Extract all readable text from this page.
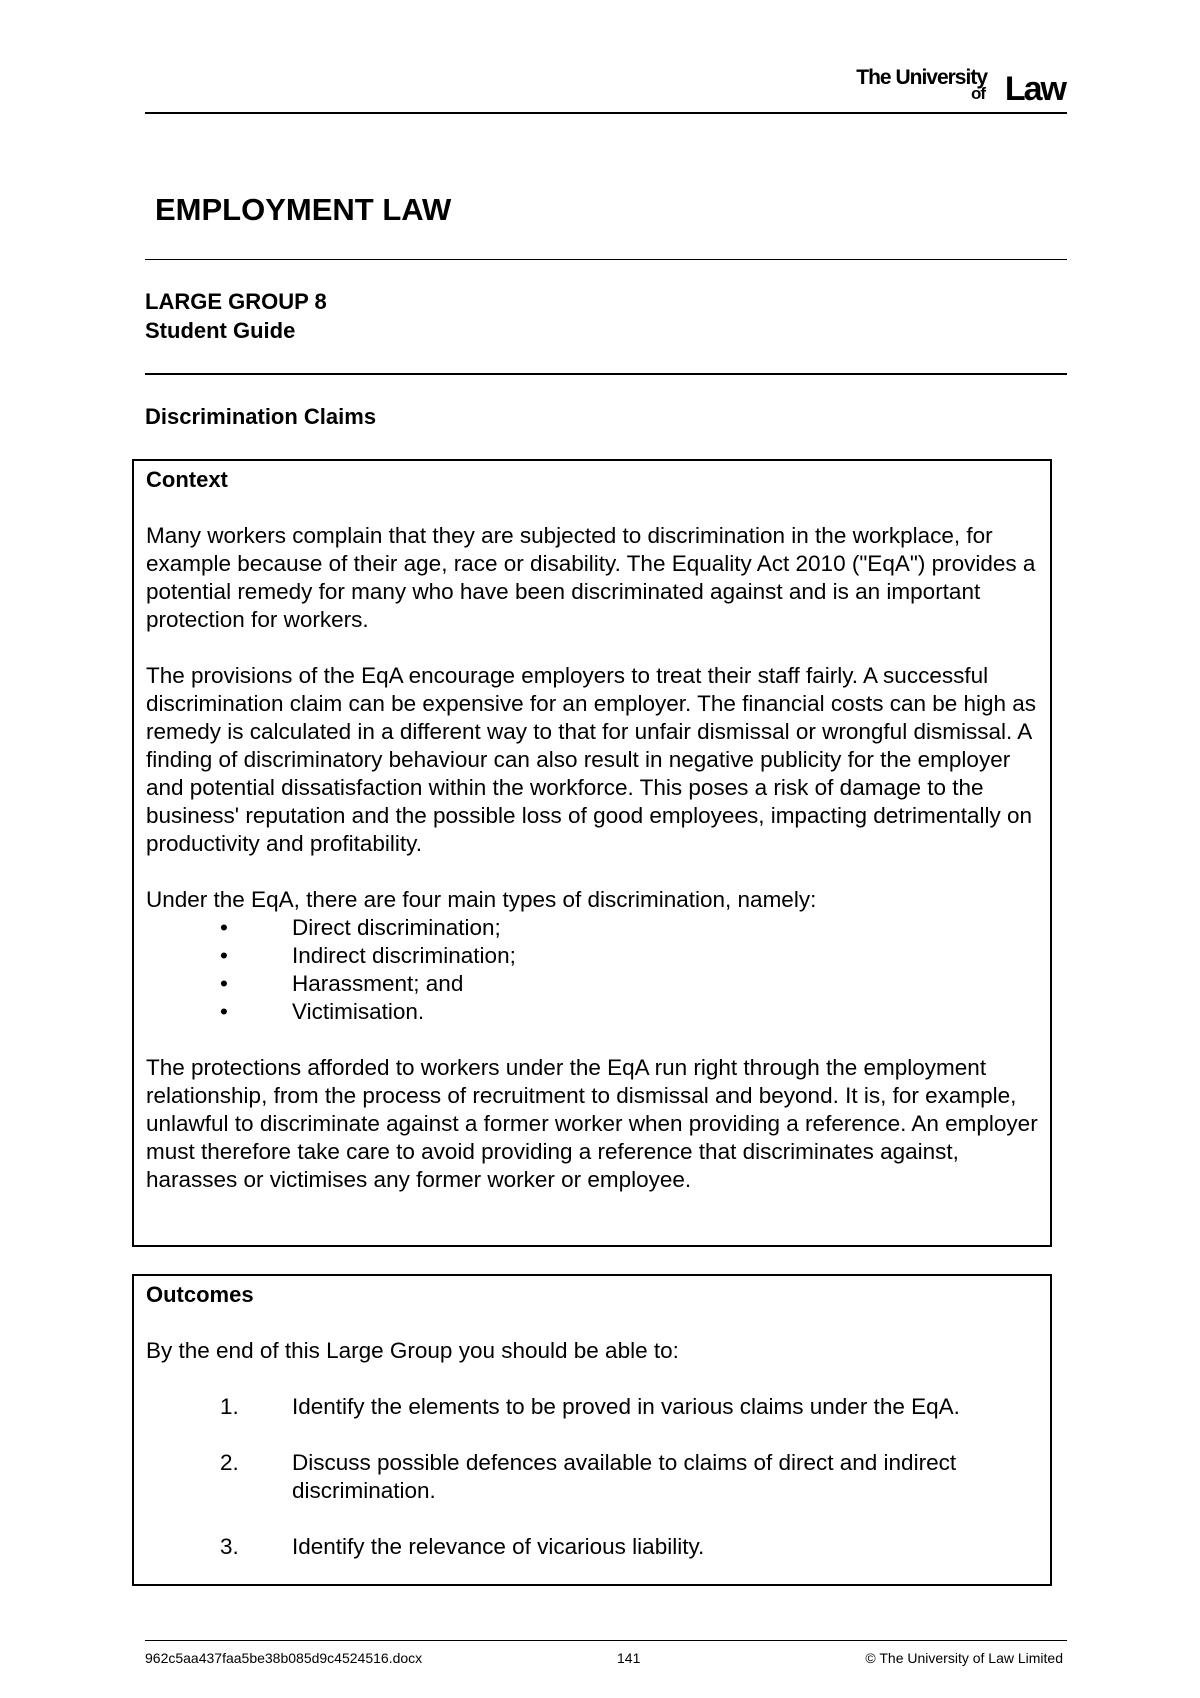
The University
of Law
EMPLOYMENT LAW
LARGE GROUP 8
Student Guide
Discrimination Claims
Context

Many workers complain that they are subjected to discrimination in the workplace, for example because of their age, race or disability. The Equality Act 2010 ("EqA") provides a potential remedy for many who have been discriminated against and is an important protection for workers.

The provisions of the EqA encourage employers to treat their staff fairly. A successful discrimination claim can be expensive for an employer. The financial costs can be high as remedy is calculated in a different way to that for unfair dismissal or wrongful dismissal. A finding of discriminatory behaviour can also result in negative publicity for the employer and potential dissatisfaction within the workforce. This poses a risk of damage to the business' reputation and the possible loss of good employees, impacting detrimentally on productivity and profitability.

Under the EqA, there are four main types of discrimination, namely:

•	Direct discrimination;
•	Indirect discrimination;
•	Harassment; and
•	Victimisation.

The protections afforded to workers under the EqA run right through the employment relationship, from the process of recruitment to dismissal and beyond. It is, for example, unlawful to discriminate against a former worker when providing a reference. An employer must therefore take care to avoid providing a reference that discriminates against, harasses or victimises any former worker or employee.

Outcomes

By the end of this Large Group you should be able to:

1. Identify the elements to be proved in various claims under the EqA.
2. Discuss possible defences available to claims of direct and indirect discrimination.
3. Identify the relevance of vicarious liability.
962c5aa437faa5be38b085d9c4524516.docx	141	© The University of Law Limited
